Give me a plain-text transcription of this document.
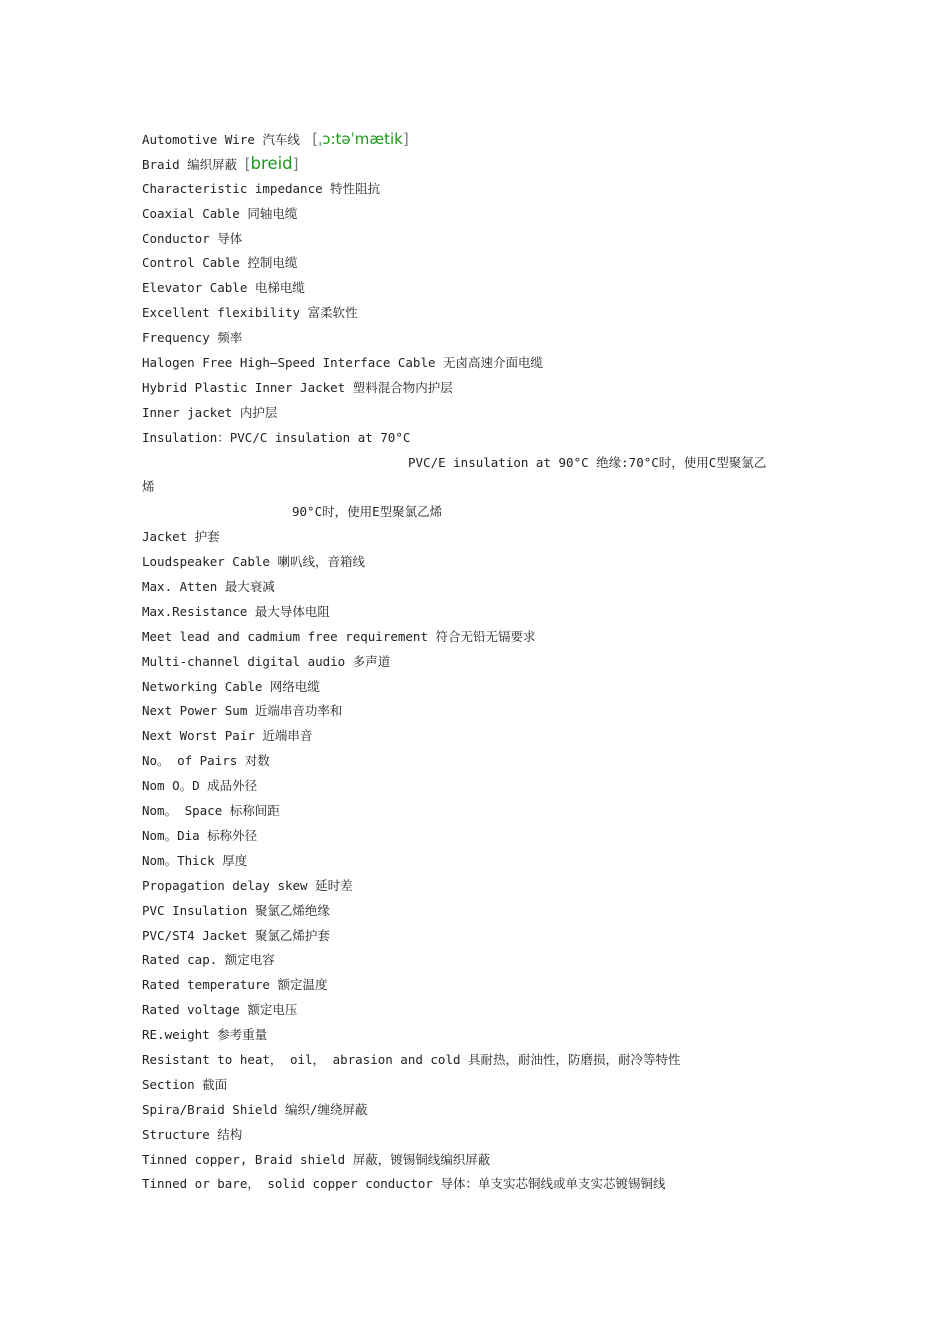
Automotive Wire 汽车线  [ˌɔ:təˈmætik]
Braid 编织屏蔽 [breid]
Characteristic impedance 特性阻抗
Coaxial Cable 同轴电缆
Conductor 导体
Control Cable 控制电缆
Elevator Cable 电梯电缆
Excellent flexibility 富柔软性
Frequency 频率
Halogen Free High—Speed Interface Cable 无卤高速介面电缆
Hybrid Plastic Inner Jacket 塑料混合物内护层
Inner jacket 内护层
Insulation：PVC/C insulation at 70°C
PVC/E insulation at 90°C 绝缘:70°C时，使用C型聚氯乙
烯
90°C时，使用E型聚氯乙烯
Jacket 护套
Loudspeaker Cable 喇叭线，音箱线
Max. Atten 最大衰减
Max.Resistance 最大导体电阻
Meet lead and cadmium free requirement 符合无铅无镉要求
Multi-channel digital audio 多声道
Networking Cable 网络电缆
Next Power Sum 近端串音功率和
Next Worst Pair 近端串音
No。 of Pairs 对数
Nom O。D 成品外径
Nom。 Space 标称间距
Nom。Dia 标称外径
Nom。Thick 厚度
Propagation delay skew 延时差
PVC Insulation 聚氯乙烯绝缘
PVC/ST4 Jacket 聚氯乙烯护套
Rated cap. 额定电容
Rated temperature 额定温度
Rated voltage 额定电压
RE.weight 参考重量
Resistant to heat， oil， abrasion and cold 具耐热，耐油性，防磨损，耐冷等特性
Section 截面
Spira/Braid Shield 编织/缠绕屏蔽
Structure 结构
Tinned copper, Braid shield 屏蔽，镀锡铜线编织屏蔽
Tinned or bare， solid copper conductor 导体：单支实芯铜线或单支实芯镀锡铜线
